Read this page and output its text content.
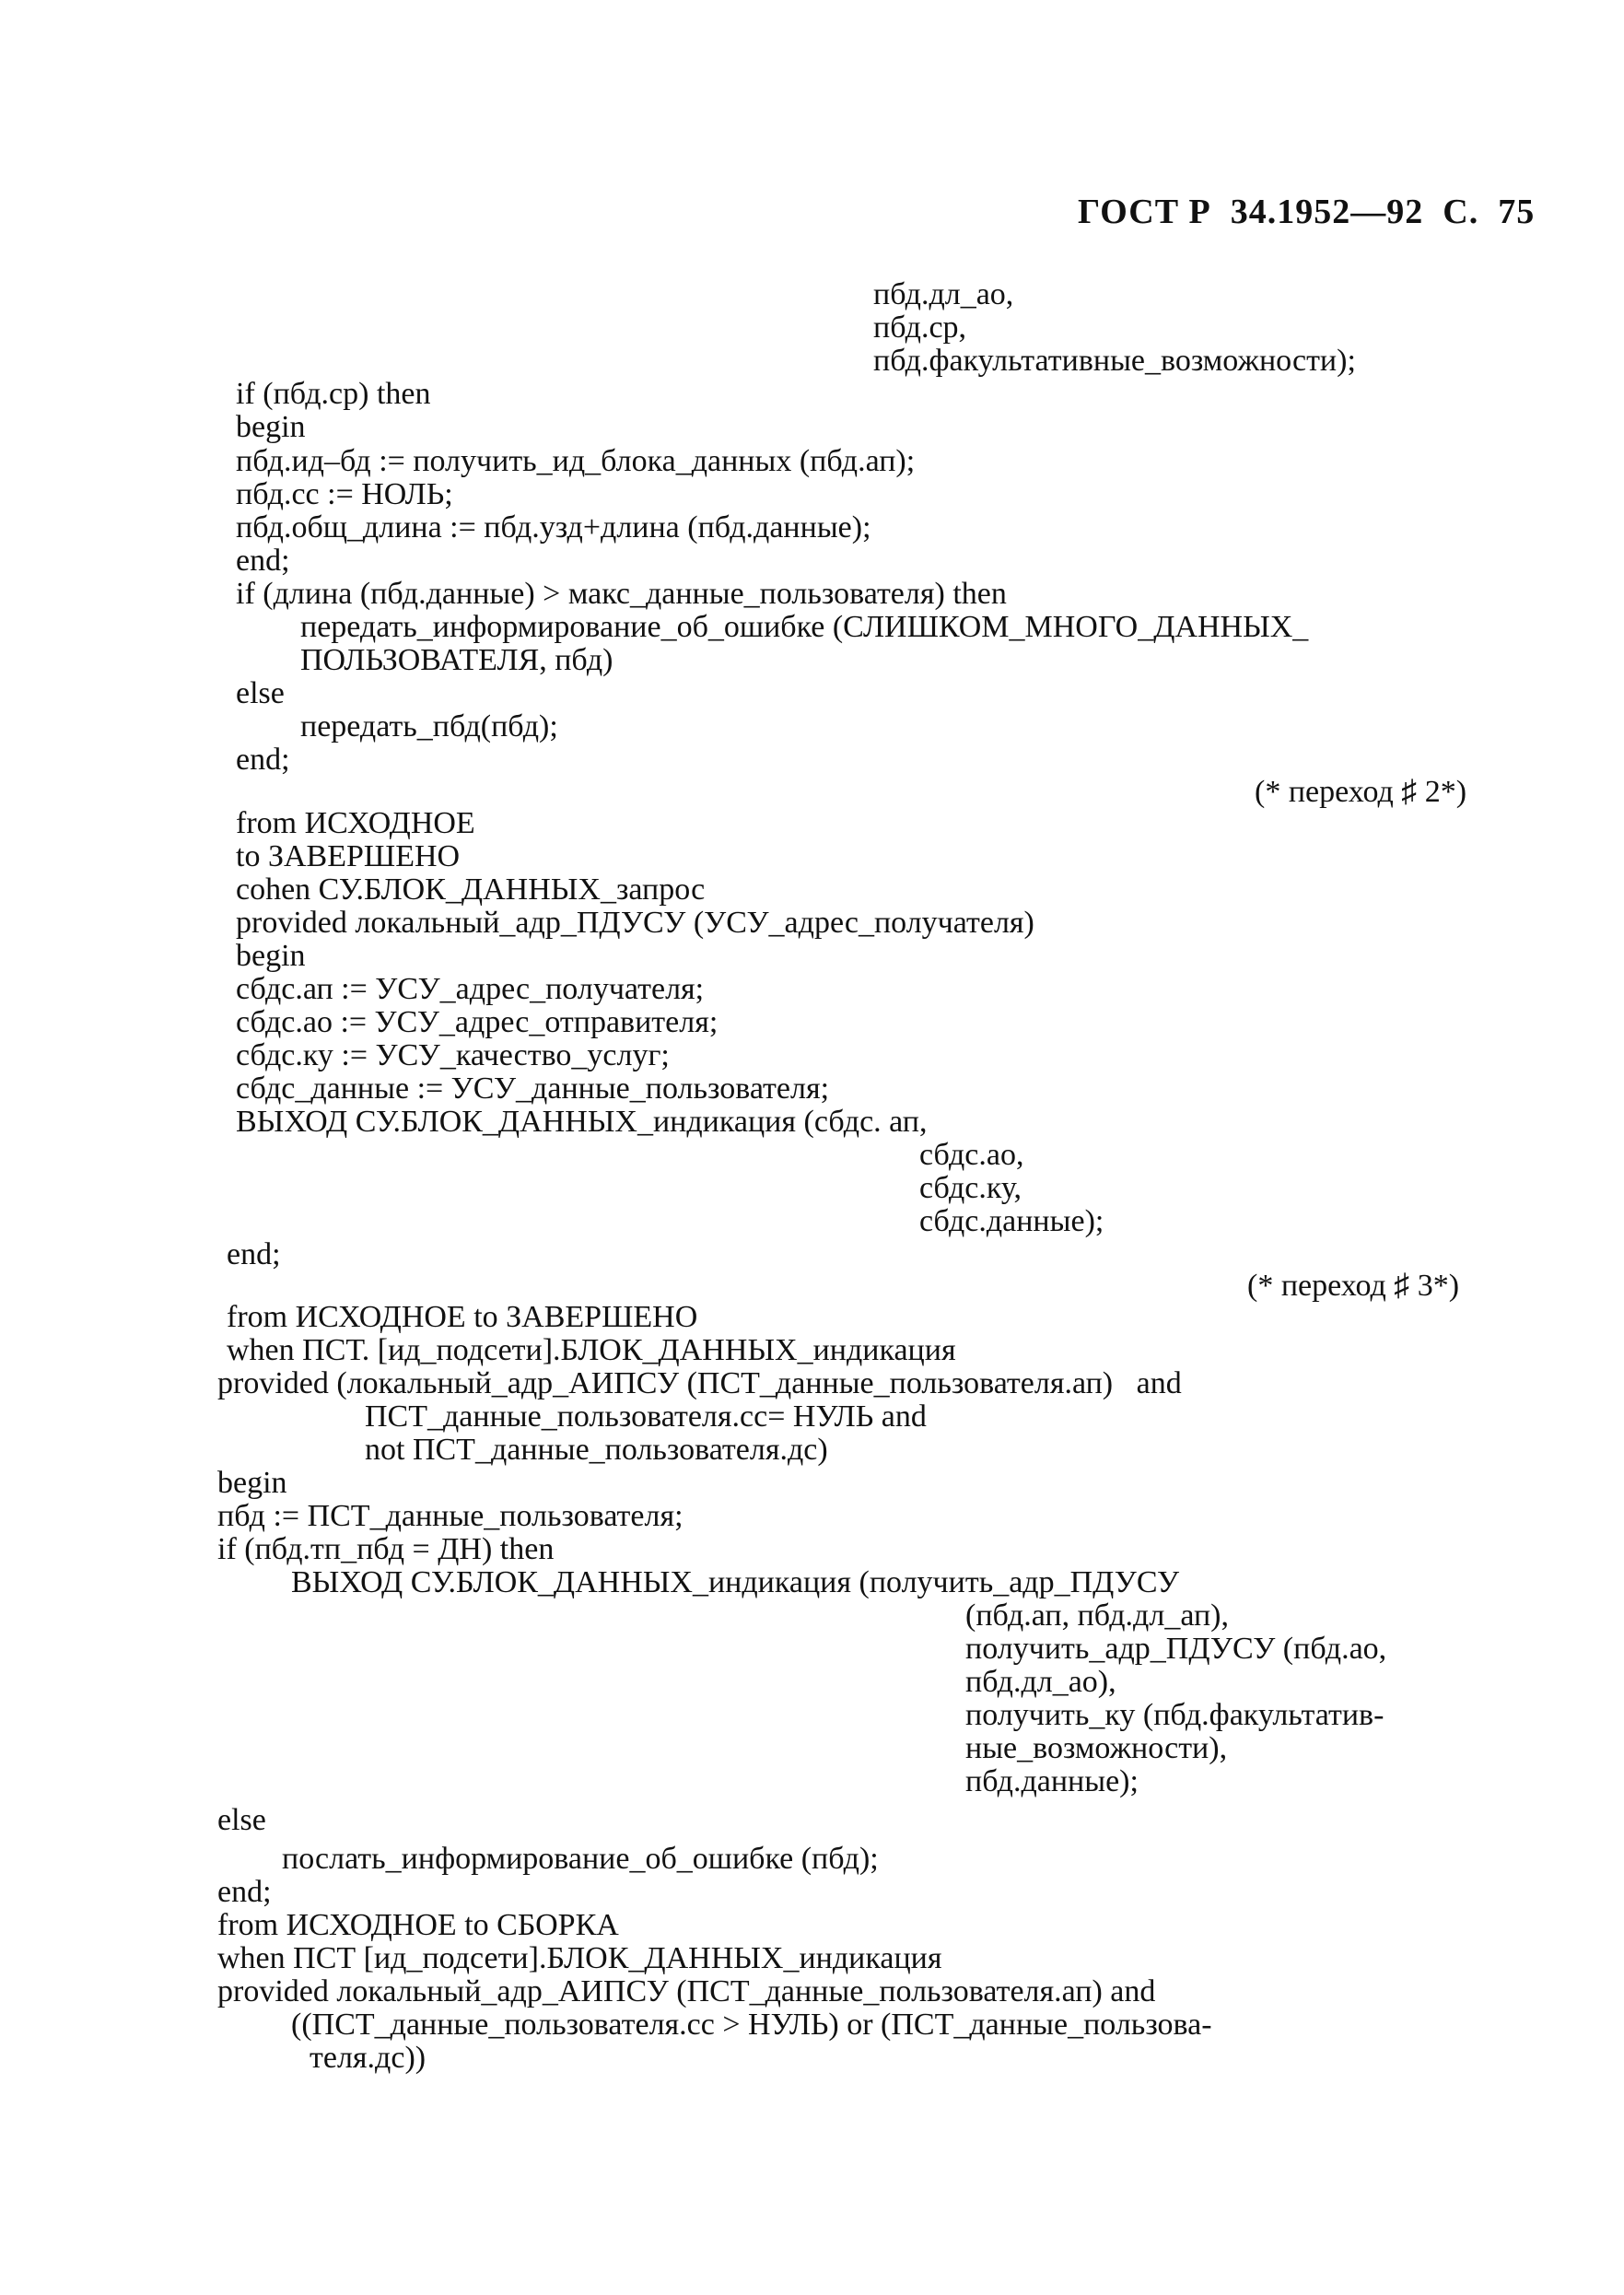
ГОСТ Р  34.1952—92  С.  75
пбд.дл_ао,
пбд.ср,
пбд.факультативные_возможности);
if (пбд.ср) then
begin
пбд.ид–бд := получить_ид_блока_данных (пбд.ап);
пбд.сс := НОЛЬ;
пбд.общ_длина := пбд.узд+длина (пбд.данные);
end;
if (длина (пбд.данные) > макс_данные_пользователя) then
передать_информирование_об_ошибке (СЛИШКОМ_МНОГО_ДАННЫХ_
ПОЛЬЗОВАТЕЛЯ, пбд)
else
передать_пбд(пбд);
end;
(* переход ♯ 2*)
from ИСХОДНОЕ
to ЗАВЕРШЕНО
cohen СУ.БЛОК_ДАННЫХ_запрос
provided локальный_адр_ПДУСУ (УСУ_адрес_получателя)
begin
сбдс.ап := УСУ_адрес_получателя;
сбдс.ао := УСУ_адрес_отправителя;
сбдс.ку := УСУ_качество_услуг;
сбдс_данные := УСУ_данные_пользователя;
ВЫХОД СУ.БЛОК_ДАННЫХ_индикация (сбдс. ап,
сбдс.ао,
сбдс.ку,
сбдс.данные);
end;
(* переход ♯ 3*)
from ИСХОДНОЕ to ЗАВЕРШЕНО
when ПСТ. [ид_подсети].БЛОК_ДАННЫХ_индикация
provided (локальный_адр_АИПСУ (ПСТ_данные_пользователя.ап)   and
ПСТ_данные_пользователя.сс= НУЛЬ and
not ПСТ_данные_пользователя.дс)
begin
пбд := ПСТ_данные_пользователя;
if (пбд.тп_пбд = ДН) then
ВЫХОД СУ.БЛОК_ДАННЫХ_индикация (получить_адр_ПДУСУ
(пбд.ап, пбд.дл_ап),
получить_адр_ПДУСУ (пбд.ао,
пбд.дл_ао),
получить_ку (пбд.факультатив-
ные_возможности),
пбд.данные);
else
послать_информирование_об_ошибке (пбд);
end;
from ИСХОДНОЕ to СБОРКА
when ПСТ [ид_подсети].БЛОК_ДАННЫХ_индикация
provided локальный_адр_АИПСУ (ПСТ_данные_пользователя.ап) and
((ПСТ_данные_пользователя.сс > НУЛЬ) or (ПСТ_данные_пользова-
теля.дс))
